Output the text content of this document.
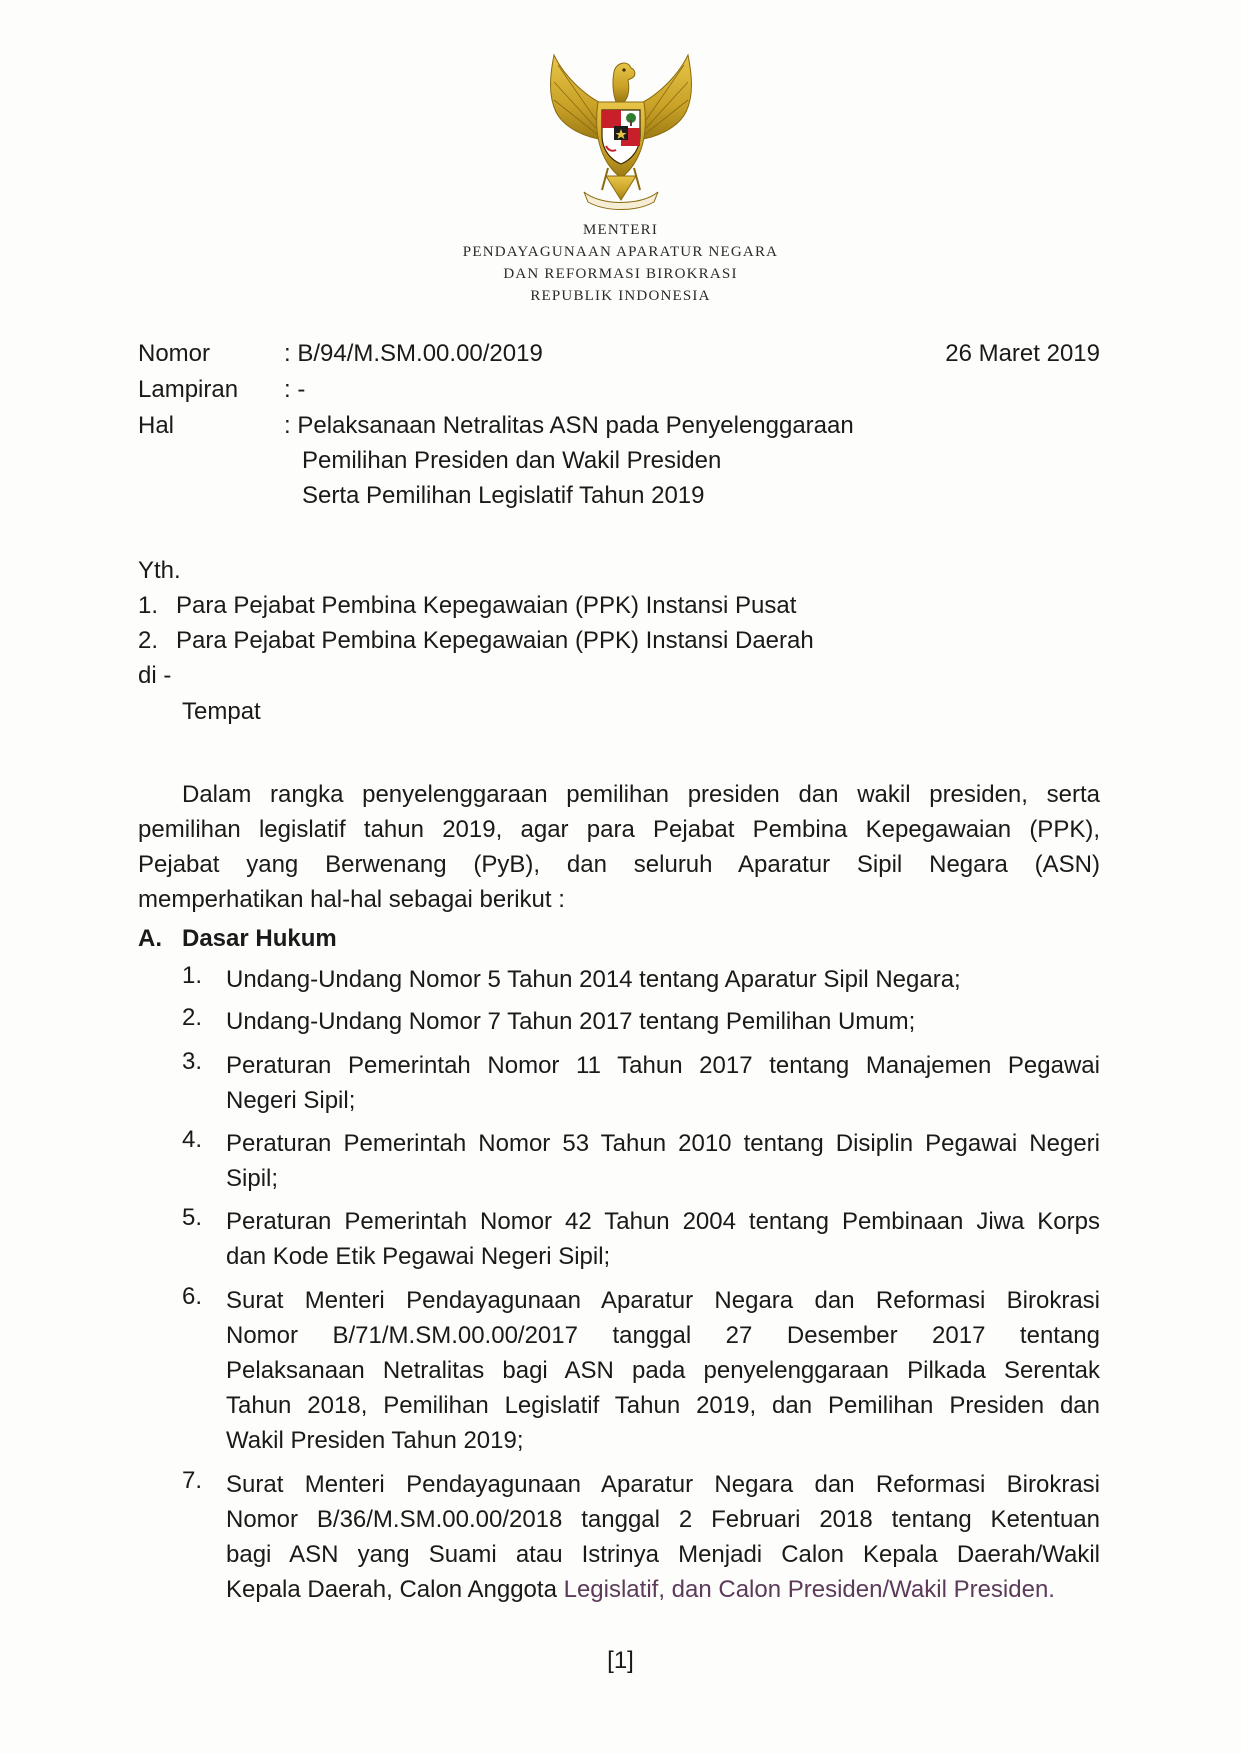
MENTERI
PENDAYAGUNAAN APARATUR NEGARA
DAN REFORMASI BIROKRASI
REPUBLIK INDONESIA
Nomor	: B/94/M.SM.00.00/2019	26 Maret 2019
Lampiran : -
Hal	: Pelaksanaan Netralitas ASN pada Penyelenggaraan
Pemilihan Presiden dan Wakil Presiden
Serta Pemilihan Legislatif Tahun 2019
Yth.
1. Para Pejabat Pembina Kepegawaian (PPK) Instansi Pusat
2. Para Pejabat Pembina Kepegawaian (PPK) Instansi Daerah
di -
Tempat
Dalam rangka penyelenggaraan pemilihan presiden dan wakil presiden, serta
pemilihan legislatif tahun 2019, agar para Pejabat Pembina Kepegawaian (PPK),
Pejabat yang Berwenang (PyB), dan seluruh Aparatur Sipil Negara (ASN)
memperhatikan hal-hal sebagai berikut :
A. Dasar Hukum
1. Undang-Undang Nomor 5 Tahun 2014 tentang Aparatur Sipil Negara;
2. Undang-Undang Nomor 7 Tahun 2017 tentang Pemilihan Umum;
3. Peraturan Pemerintah Nomor 11 Tahun 2017 tentang Manajemen Pegawai
Negeri Sipil;
4. Peraturan Pemerintah Nomor 53 Tahun 2010 tentang Disiplin Pegawai Negeri
Sipil;
5. Peraturan Pemerintah Nomor 42 Tahun 2004 tentang Pembinaan Jiwa Korps
dan Kode Etik Pegawai Negeri Sipil;
6. Surat Menteri Pendayagunaan Aparatur Negara dan Reformasi Birokrasi
Nomor B/71/M.SM.00.00/2017 tanggal 27 Desember 2017 tentang
Pelaksanaan Netralitas bagi ASN pada penyelenggaraan Pilkada Serentak
Tahun 2018, Pemilihan Legislatif Tahun 2019, dan Pemilihan Presiden dan
Wakil Presiden Tahun 2019;
7. Surat Menteri Pendayagunaan Aparatur Negara dan Reformasi Birokrasi
Nomor B/36/M.SM.00.00/2018 tanggal 2 Februari 2018 tentang Ketentuan
bagi ASN yang Suami atau Istrinya Menjadi Calon Kepala Daerah/Wakil
Kepala Daerah, Calon Anggota Legislatif, dan Calon Presiden/Wakil Presiden.
[1]
